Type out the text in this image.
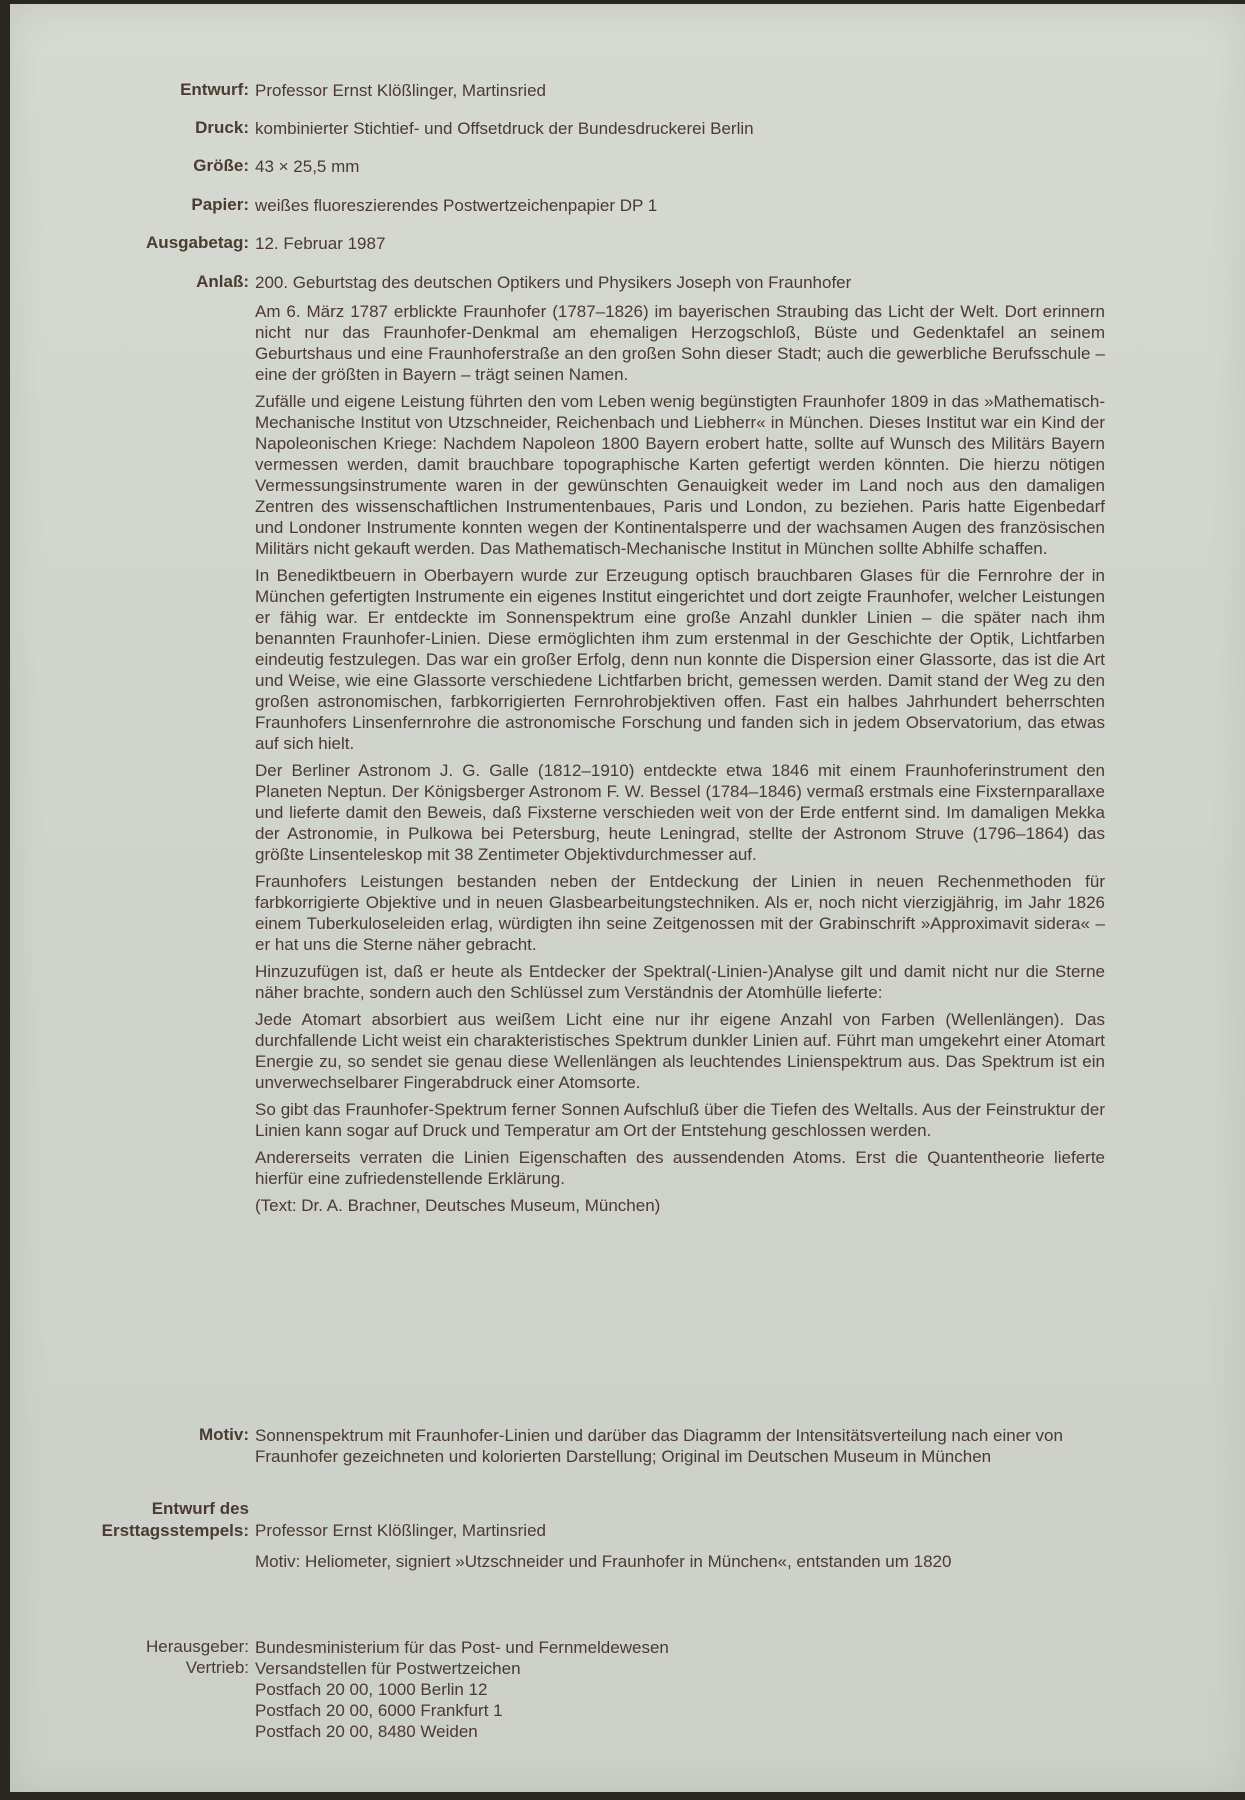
Entwurf: Professor Ernst Klößlinger, Martinsried
Druck: kombinierter Stichtief- und Offsetdruck der Bundesdruckerei Berlin
Größe: 43 × 25,5 mm
Papier: weißes fluoreszierendes Postwertzeichenpapier DP 1
Ausgabetag: 12. Februar 1987
Anlaß: 200. Geburtstag des deutschen Optikers und Physikers Joseph von Fraunhofer

Am 6. März 1787 erblickte Fraunhofer (1787–1826) im bayerischen Straubing das Licht der Welt. Dort erinnern nicht nur das Fraunhofer-Denkmal am ehemaligen Herzogschloß, Büste und Gedenktafel an seinem Geburtshaus und eine Fraunhoferstraße an den großen Sohn dieser Stadt; auch die gewerbliche Berufsschule – eine der größten in Bayern – trägt seinen Namen.

Zufälle und eigene Leistung führten den vom Leben wenig begünstigten Fraunhofer 1809 in das »Mathematisch-Mechanische Institut von Utzschneider, Reichenbach und Liebherr« in München. Dieses Institut war ein Kind der Napoleonischen Kriege: Nachdem Napoleon 1800 Bayern erobert hatte, sollte auf Wunsch des Militärs Bayern vermessen werden, damit brauchbare topographische Karten gefertigt werden könnten. Die hierzu nötigen Vermessungsinstrumente waren in der gewünschten Genauigkeit weder im Land noch aus den damaligen Zentren des wissenschaftlichen Instrumentenbaues, Paris und London, zu beziehen. Paris hatte Eigenbedarf und Londoner Instrumente konnten wegen der Kontinentalsperre und der wachsamen Augen des französischen Militärs nicht gekauft werden. Das Mathematisch-Mechanische Institut in München sollte Abhilfe schaffen.

In Benediktbeuern in Oberbayern wurde zur Erzeugung optisch brauchbaren Glases für die Fernrohre der in München gefertigten Instrumente ein eigenes Institut eingerichtet und dort zeigte Fraunhofer, welcher Leistungen er fähig war. Er entdeckte im Sonnenspektrum eine große Anzahl dunkler Linien – die später nach ihm benannten Fraunhofer-Linien. Diese ermöglichten ihm zum erstenmal in der Geschichte der Optik, Lichtfarben eindeutig festzulegen. Das war ein großer Erfolg, denn nun konnte die Dispersion einer Glassorte, das ist die Art und Weise, wie eine Glassorte verschiedene Lichtfarben bricht, gemessen werden. Damit stand der Weg zu den großen astronomischen, farbkorrigierten Fernrohrobjektiven offen. Fast ein halbes Jahrhundert beherrschten Fraunhofers Linsenfernrohre die astronomische Forschung und fanden sich in jedem Observatorium, das etwas auf sich hielt.

Der Berliner Astronom J. G. Galle (1812–1910) entdeckte etwa 1846 mit einem Fraunhoferinstrument den Planeten Neptun. Der Königsberger Astronom F. W. Bessel (1784–1846) vermaß erstmals eine Fixsternparallaxe und lieferte damit den Beweis, daß Fixsterne verschieden weit von der Erde entfernt sind. Im damaligen Mekka der Astronomie, in Pulkowa bei Petersburg, heute Leningrad, stellte der Astronom Struve (1796–1864) das größte Linsenteleskop mit 38 Zentimeter Objektivdurchmesser auf.

Fraunhofers Leistungen bestanden neben der Entdeckung der Linien in neuen Rechenmethoden für farbkorrigierte Objektive und in neuen Glasbearbeitungstechniken. Als er, noch nicht vierzigjährig, im Jahr 1826 einem Tuberkuloseleiden erlag, würdigten ihn seine Zeitgenossen mit der Grabinschrift »Approximavit sidera« – er hat uns die Sterne näher gebracht.

Hinzuzufügen ist, daß er heute als Entdecker der Spektral(-Linien-)Analyse gilt und damit nicht nur die Sterne näher brachte, sondern auch den Schlüssel zum Verständnis der Atomhülle lieferte:

Jede Atomart absorbiert aus weißem Licht eine nur ihr eigene Anzahl von Farben (Wellenlängen). Das durchfallende Licht weist ein charakteristisches Spektrum dunkler Linien auf. Führt man umgekehrt einer Atomart Energie zu, so sendet sie genau diese Wellenlängen als leuchtendes Linienspektrum aus. Das Spektrum ist ein unverwechselbarer Fingerabdruck einer Atomsorte.

So gibt das Fraunhofer-Spektrum ferner Sonnen Aufschluß über die Tiefen des Weltalls. Aus der Feinstruktur der Linien kann sogar auf Druck und Temperatur am Ort der Entstehung geschlossen werden.

Andererseits verraten die Linien Eigenschaften des aussendenden Atoms. Erst die Quantentheorie lieferte hierfür eine zufriedenstellende Erklärung.

(Text: Dr. A. Brachner, Deutsches Museum, München)

Motiv: Sonnenspektrum mit Fraunhofer-Linien und darüber das Diagramm der Intensitätsverteilung nach einer von Fraunhofer gezeichneten und kolorierten Darstellung; Original im Deutschen Museum in München
Entwurf des
Ersttagsstempels: Professor Ernst Klößlinger, Martinsried
Motiv: Heliometer, signiert »Utzschneider und Fraunhofer in München«, entstanden um 1820
Herausgeber: Bundesministerium für das Post- und Fernmeldewesen
Vertrieb: Versandstellen für Postwertzeichen
Postfach 20 00, 1000 Berlin 12
Postfach 20 00, 6000 Frankfurt 1
Postfach 20 00, 8480 Weiden
